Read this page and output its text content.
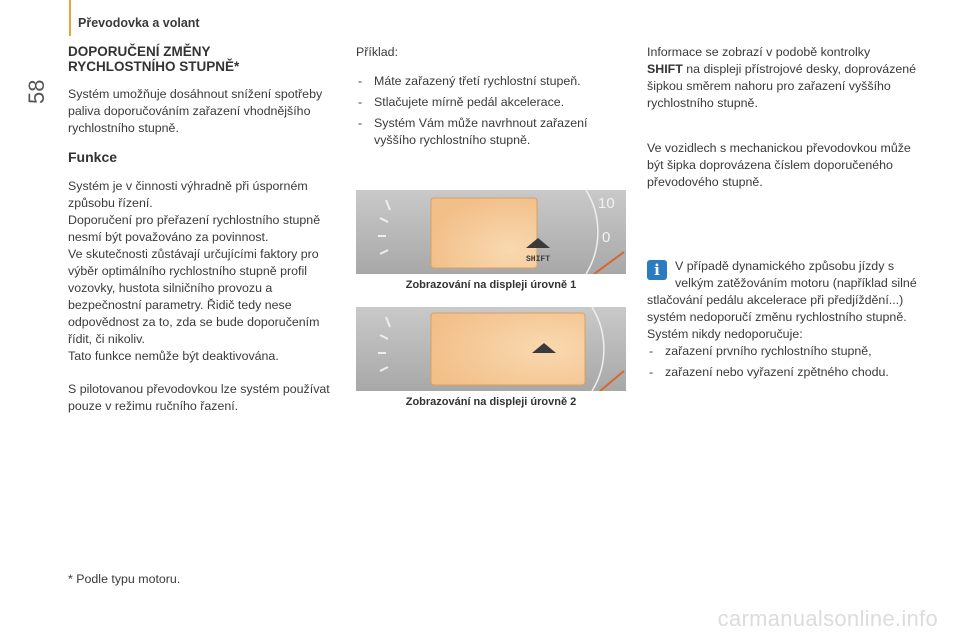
Převodovka a volant
58
DOPORUČENÍ ZMĚNY
RYCHLOSTNÍHO STUPNĚ*

Systém umožňuje dosáhnout snížení spotřeby paliva doporučováním zařazení vhodnějšího rychlostního stupně.

Funkce

Systém je v činnosti výhradně při úsporném způsobu řízení.

Doporučení pro přeřazení rychlostního stupně nesmí být považováno za povinnost.

Ve skutečnosti zůstávají určujícími faktory pro výběr optimálního rychlostního stupně profil vozovky, hustota silničního provozu a bezpečnostní parametry. Řidič tedy nese odpovědnost za to, zda se bude doporučením řídit, či nikoliv.

Tato funkce nemůže být deaktivována.

S pilotovanou převodovkou lze systém používat pouze v režimu ručního řazení.

* Podle typu motoru.

Příklad:

- Máte zařazený třetí rychlostní stupeň.
- Stlačujete mírně pedál akcelerace.
- Systém Vám může navrhnout zařazení vyššího rychlostního stupně.
SHIFT
10
0
Zobrazování na displeji úrovně 1
Zobrazování na displeji úrovně 2

Informace se zobrazí v podobě kontrolky
SHIFT na displeji přístrojové desky, doprovázené šipkou směrem nahoru pro zařazení vyššího rychlostního stupně.

Ve vozidlech s mechanickou převodovkou může být šipka doprovázena číslem doporučeného převodového stupně.

i	V případě dynamického způsobu jízdy s velkým zatěžováním motoru (například silné stlačování pedálu akcelerace při předjíždění...) systém nedoporučí změnu rychlostního stupně.

Systém nikdy nedoporučuje:

- zařazení prvního rychlostního stupně,
- zařazení nebo vyřazení zpětného chodu.
carmanualsonline.info
